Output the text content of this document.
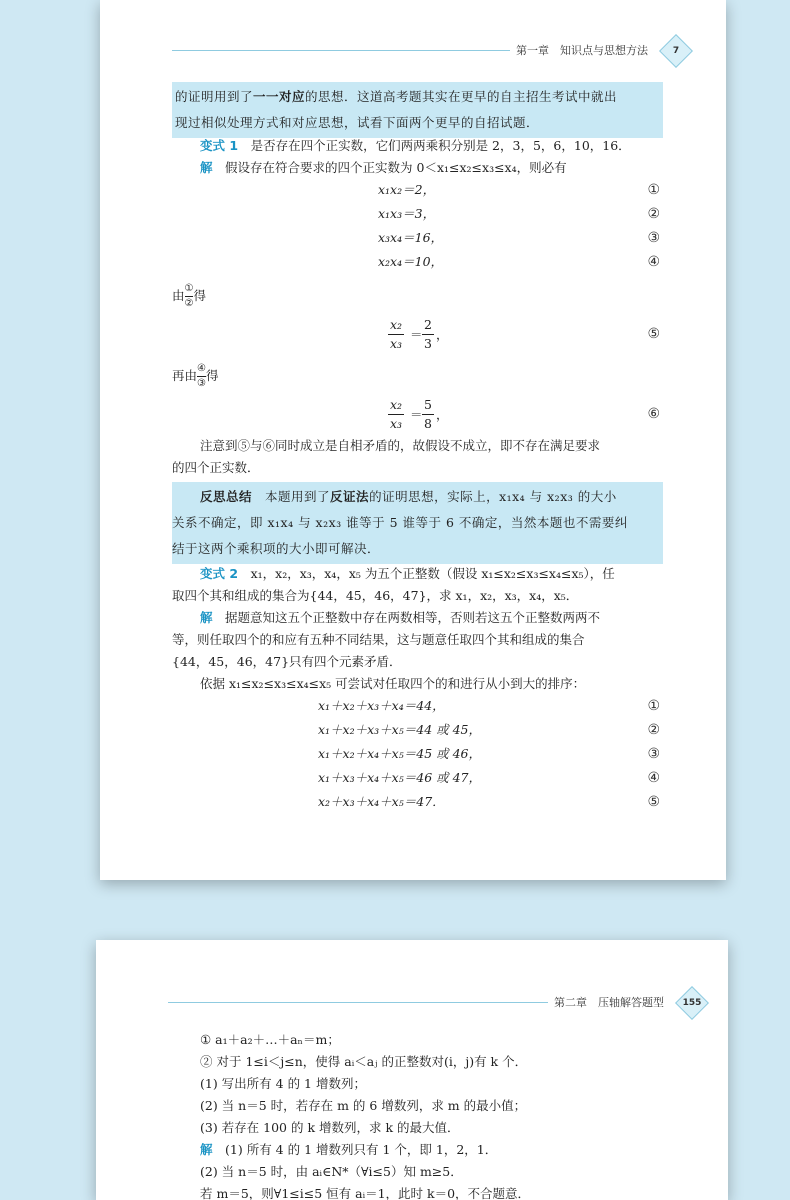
第一章　知识点与思想方法	7
的证明用到了一一对应的思想．这道高考题其实在更早的自主招生考试中就出
现过相似处理方式和对应思想，试看下面两个更早的自招试题．
变式 1　 是否存在四个正实数，它们两两乘积分别是 2，3，5，6，10，16．
解　 假设存在符合要求的四个正实数为 0＜x₁≤x₂≤x₃≤x₄，则必有
x₁x₂＝2，	①
x₁x₃＝3，	②
x₃x₄＝16，	③
x₂x₄＝10，	④
由 ①
②
得
$\frac{\text{x₂}}{\text{x₃}} = \frac{2}{3}$ ，	⑤
再由 ④
③
得
$\frac{\text{x₂}}{\text{x₃}} = \frac{5}{8}$ ，	⑥
注意到⑤与⑥同时成立是自相矛盾的，故假设不成立，即不存在满足要求
的四个正实数．
反思总结　 本题用到了反证法的证明思想，实际上，x₁x₄ 与 x₂x₃ 的大小
关系不确定，即 x₁x₄ 与 x₂x₃ 谁等于 5 谁等于 6 不确定，当然本题也不需要纠
结于这两个乘积项的大小即可解决．
变式 2　 x₁，x₂，x₃，x₄，x₅ 为五个正整数（假设 x₁≤x₂≤x₃≤x₄≤x₅），任
取四个其和组成的集合为{44，45，46，47}，求 x₁，x₂，x₃，x₄，x₅．
解　 据题意知这五个正整数中存在两数相等，否则若这五个正整数两两不
等，则任取四个的和应有五种不同结果，这与题意任取四个其和组成的集合
{44，45，46，47}只有四个元素矛盾．
依据 x₁≤x₂≤x₃≤x₄≤x₅ 可尝试对任取四个的和进行从小到大的排序：
x₁＋x₂＋x₃＋x₄＝44，	①
x₁＋x₂＋x₃＋x₅＝44 或 45，	②
x₁＋x₂＋x₄＋x₅＝45 或 46，	③
x₁＋x₃＋x₄＋x₅＝46 或 47，	④
x₂＋x₃＋x₄＋x₅＝47．	⑤
第二章　压轴解答题型	155
① a₁＋a₂＋…＋aₙ＝m；
② 对于 1≤i＜j≤n，使得 aᵢ＜aⱼ 的正整数对(i，j)有 k 个．
(1) 写出所有 4 的 1 增数列；
(2) 当 n＝5 时，若存在 m 的 6 增数列，求 m 的最小值；
(3) 若存在 100 的 k 增数列，求 k 的最大值．
解　 (1) 所有 4 的 1 增数列只有 1 个，即 1，2，1．
(2) 当 n＝5 时，由 aᵢ∈N*（∀i≤5）知 m≥5．
若 m＝5，则∀1≤i≤5 恒有 aᵢ＝1，此时 k＝0，不合题意．
